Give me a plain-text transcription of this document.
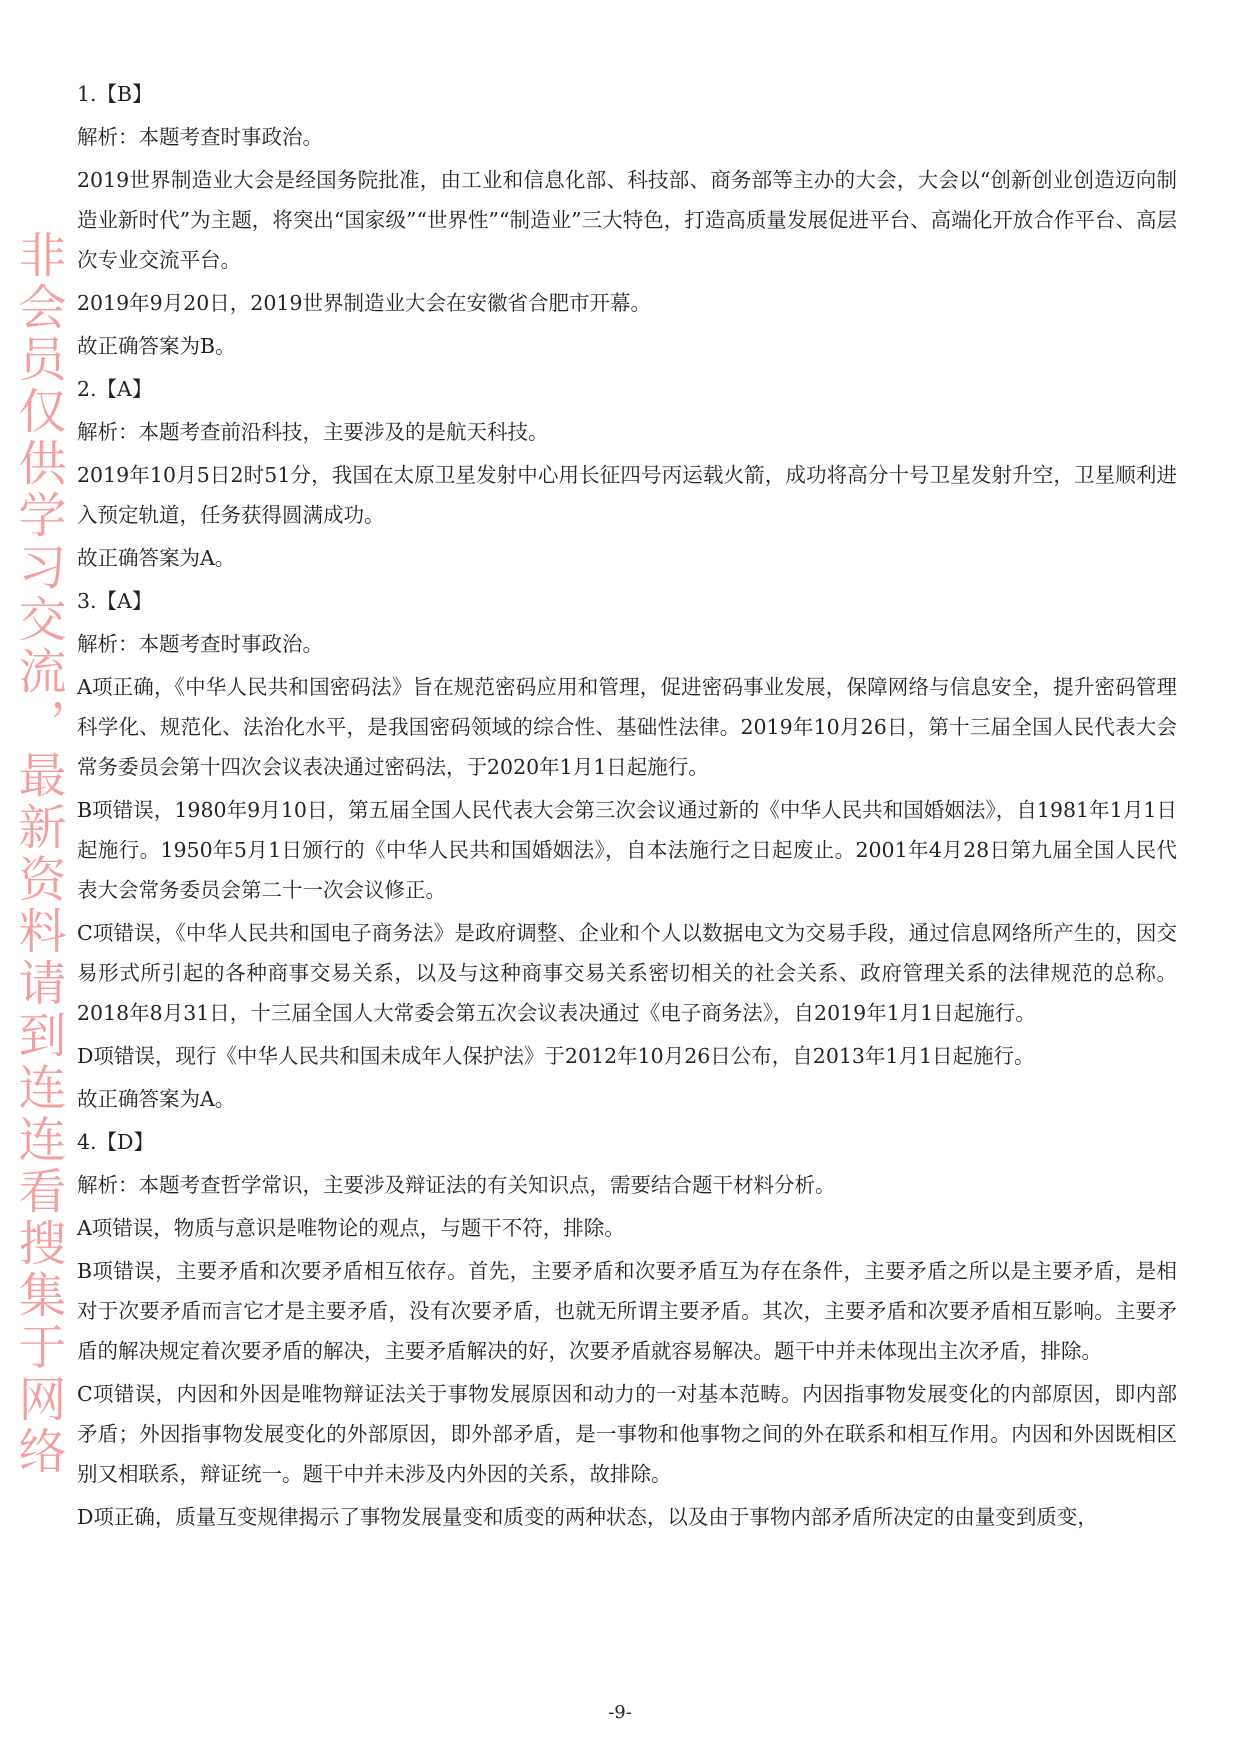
非会员仅供学习交流，最新资料请到连连看搜集于网络

1.【B】

解析：本题考查时事政治。

2019世界制造业大会是经国务院批准，由工业和信息化部、科技部、商务部等主办的大会，大会以“创新创业创造迈向制造业新时代”为主题，将突出“国家级”“世界性”“制造业”三大特色，打造高质量发展促进平台、高端化开放合作平台、高层次专业交流平台。

2019年9月20日，2019世界制造业大会在安徽省合肥市开幕。

故正确答案为B。

2.【A】

解析：本题考查前沿科技，主要涉及的是航天科技。

2019年10月5日2时51分，我国在太原卫星发射中心用长征四号丙运载火箭，成功将高分十号卫星发射升空，卫星顺利进入预定轨道，任务获得圆满成功。

故正确答案为A。

3.【A】

解析：本题考查时事政治。

A项正确，《中华人民共和国密码法》旨在规范密码应用和管理，促进密码事业发展，保障网络与信息安全，提升密码管理科学化、规范化、法治化水平，是我国密码领域的综合性、基础性法律。2019年10月26日，第十三届全国人民代表大会常务委员会第十四次会议表决通过密码法，于2020年1月1日起施行。

B项错误，1980年9月10日，第五届全国人民代表大会第三次会议通过新的《中华人民共和国婚姻法》，自1981年1月1日起施行。1950年5月1日颁行的《中华人民共和国婚姻法》，自本法施行之日起废止。2001年4月28日第九届全国人民代表大会常务委员会第二十一次会议修正。

C项错误，《中华人民共和国电子商务法》是政府调整、企业和个人以数据电文为交易手段，通过信息网络所产生的，因交易形式所引起的各种商事交易关系，以及与这种商事交易关系密切相关的社会关系、政府管理关系的法律规范的总称。2018年8月31日，十三届全国人大常委会第五次会议表决通过《电子商务法》，自2019年1月1日起施行。

D项错误，现行《中华人民共和国未成年人保护法》于2012年10月26日公布，自2013年1月1日起施行。

故正确答案为A。

4.【D】

解析：本题考查哲学常识，主要涉及辩证法的有关知识点，需要结合题干材料分析。

A项错误，物质与意识是唯物论的观点，与题干不符，排除。

B项错误，主要矛盾和次要矛盾相互依存。首先，主要矛盾和次要矛盾互为存在条件，主要矛盾之所以是主要矛盾，是相对于次要矛盾而言它才是主要矛盾，没有次要矛盾，也就无所谓主要矛盾。其次，主要矛盾和次要矛盾相互影响。主要矛盾的解决规定着次要矛盾的解决，主要矛盾解决的好，次要矛盾就容易解决。题干中并未体现出主次矛盾，排除。

C项错误，内因和外因是唯物辩证法关于事物发展原因和动力的一对基本范畴。内因指事物发展变化的内部原因，即内部矛盾；外因指事物发展变化的外部原因，即外部矛盾，是一事物和他事物之间的外在联系和相互作用。内因和外因既相区别又相联系，辩证统一。题干中并未涉及内外因的关系，故排除。

D项正确，质量互变规律揭示了事物发展量变和质变的两种状态，以及由于事物内部矛盾所决定的由量变到质变，

-9-
